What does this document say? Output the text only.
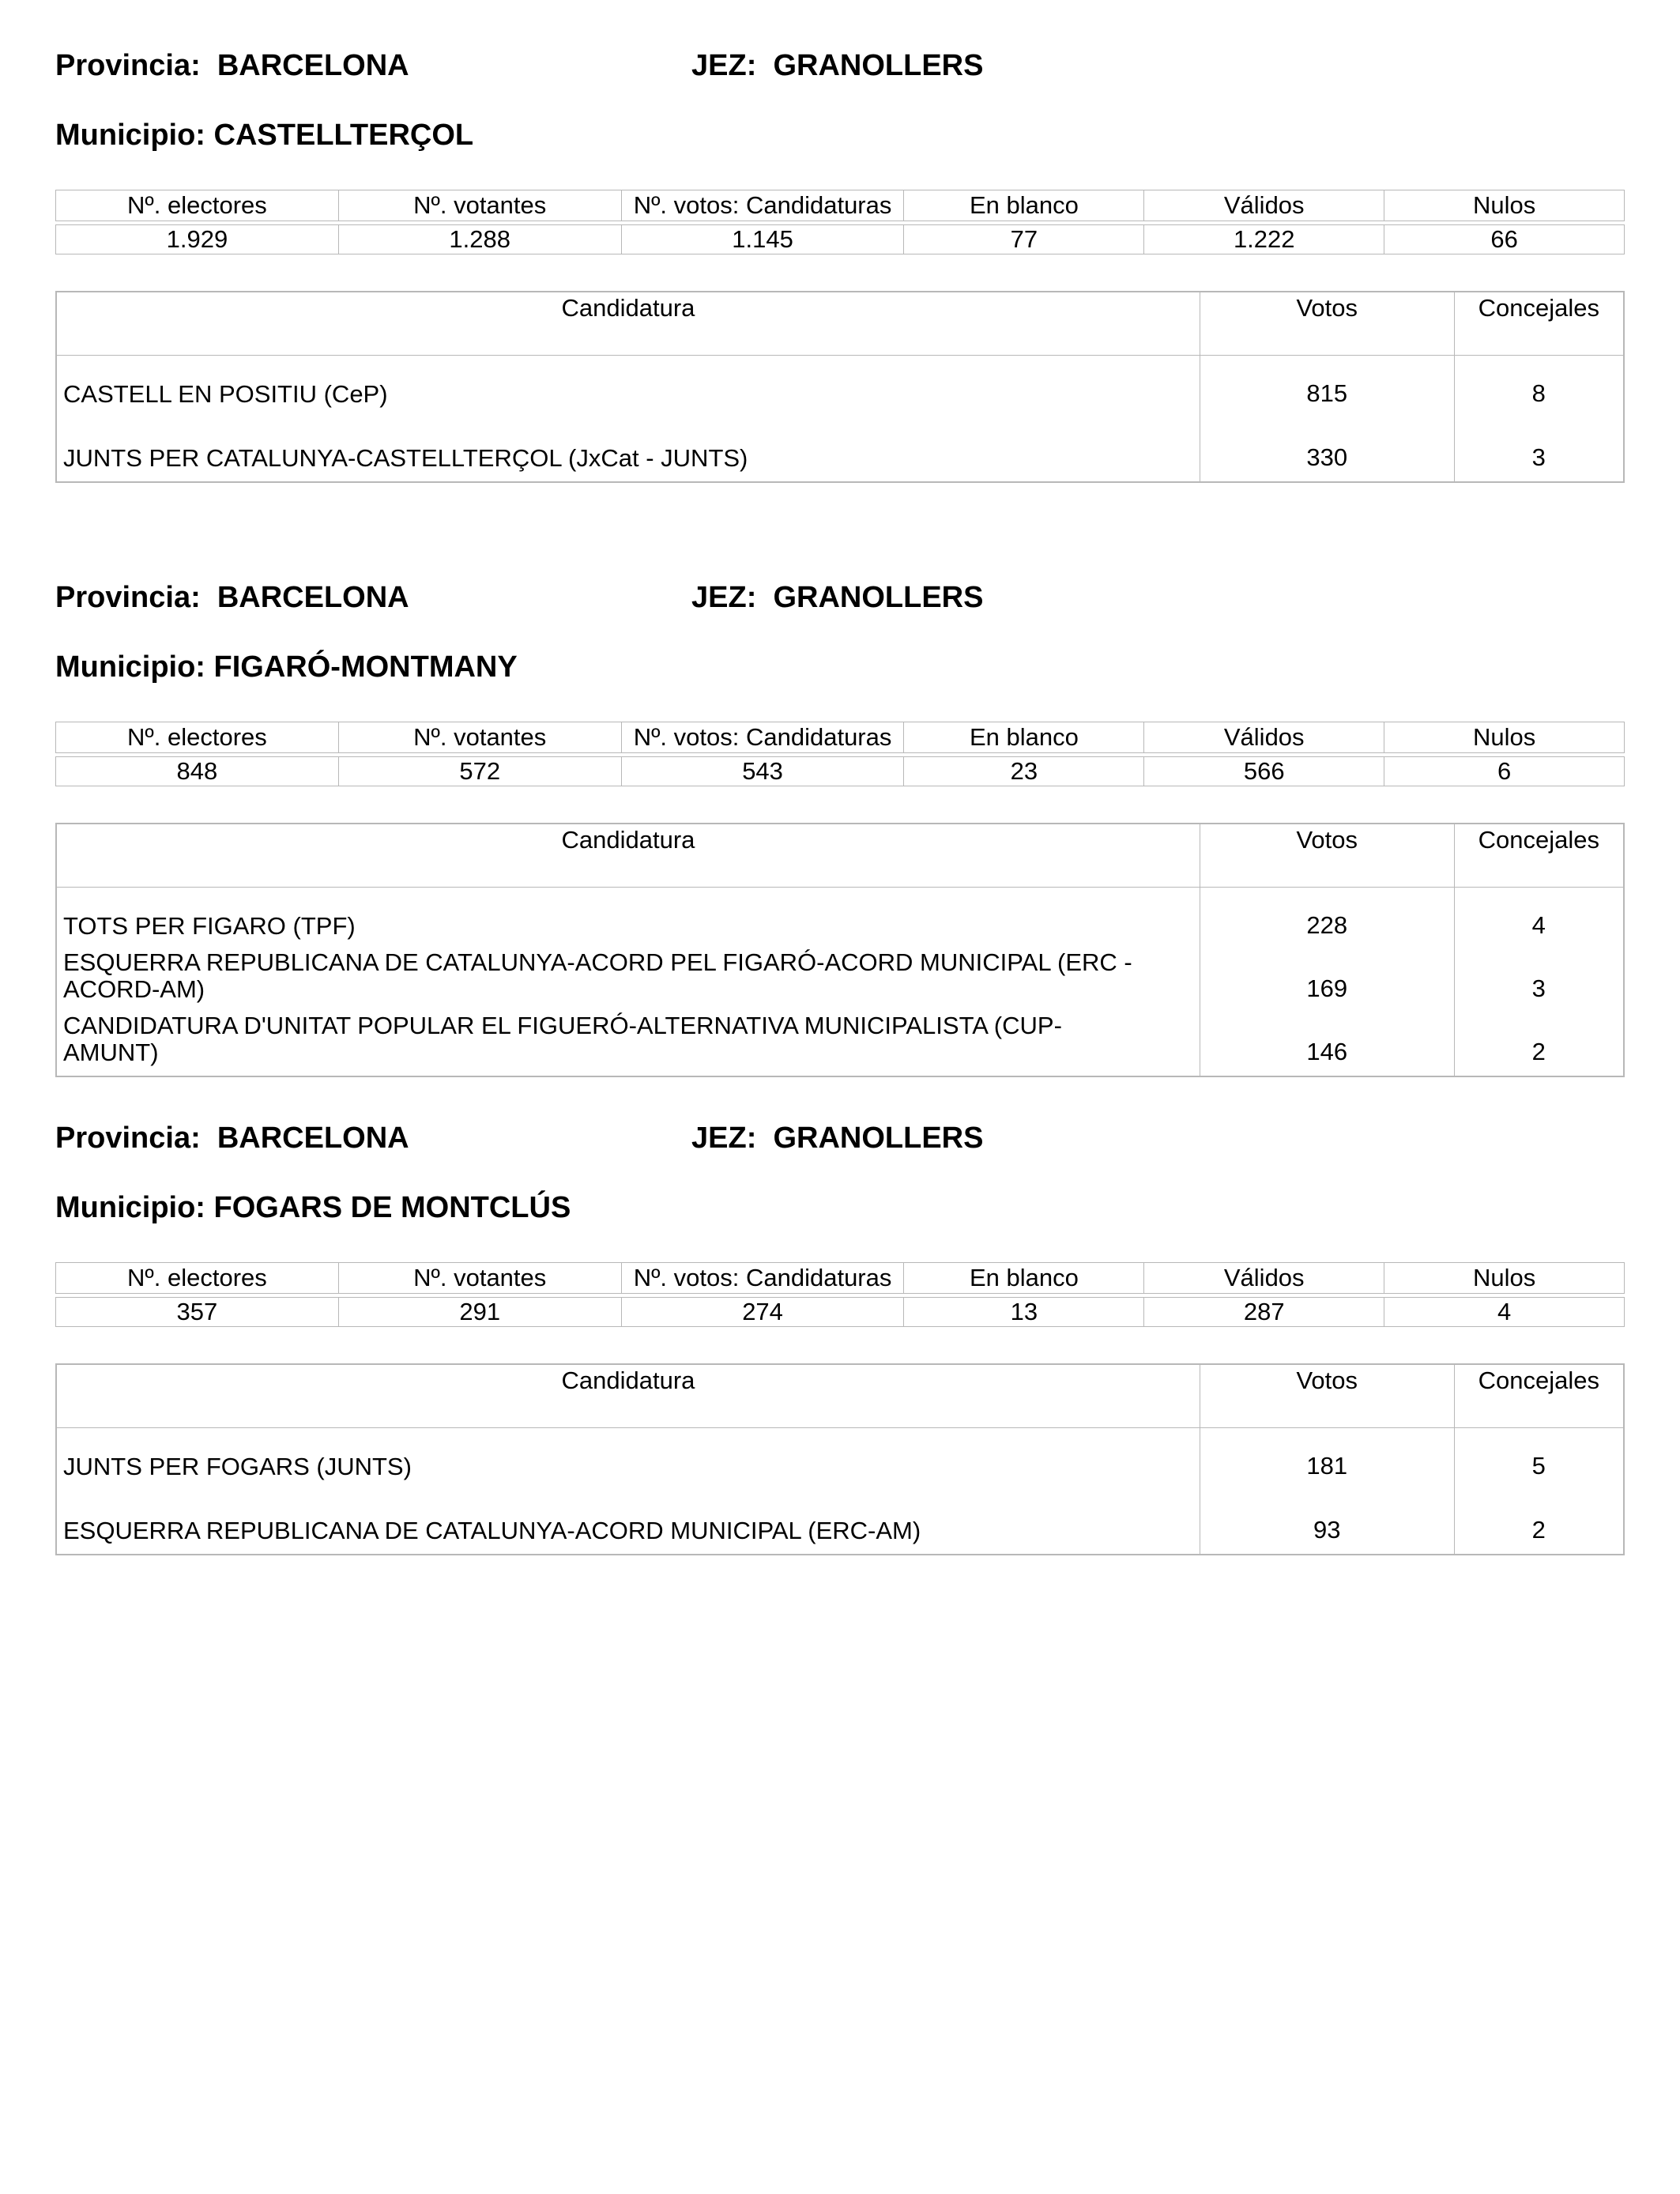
Provincia:  BARCELONA	JEZ:  GRANOLLERS
Municipio: CASTELLTERÇOL
Nº. electores	Nº. votantes	Nº. votos: Candidaturas	En blanco	Válidos	Nulos

1.929	1.288	1.145	77	1.222	66
Candidatura	Votos	Concejales
CASTELL EN POSITIU (CeP)	815	8
JUNTS PER CATALUNYA-CASTELLTERÇOL (JxCat - JUNTS)	330	3
Provincia:  BARCELONA	JEZ:  GRANOLLERS
Municipio: FIGARÓ-MONTMANY
Nº. electores	Nº. votantes	Nº. votos: Candidaturas	En blanco	Válidos	Nulos

848	572	543	23	566	6
Candidatura	Votos	Concejales
TOTS PER FIGARO (TPF)	228	4
ESQUERRA REPUBLICANA DE CATALUNYA-ACORD PEL FIGARÓ-ACORD MUNICIPAL (ERC - ACORD-AM)	169	3
CANDIDATURA D'UNITAT POPULAR EL FIGUERÓ-ALTERNATIVA MUNICIPALISTA (CUP-AMUNT)	146	2
Provincia:  BARCELONA	JEZ:  GRANOLLERS
Municipio: FOGARS DE MONTCLÚS
Nº. electores	Nº. votantes	Nº. votos: Candidaturas	En blanco	Válidos	Nulos

357	291	274	13	287	4
Candidatura	Votos	Concejales
JUNTS PER FOGARS (JUNTS)	181	5
ESQUERRA REPUBLICANA DE CATALUNYA-ACORD MUNICIPAL (ERC-AM)	93	2
